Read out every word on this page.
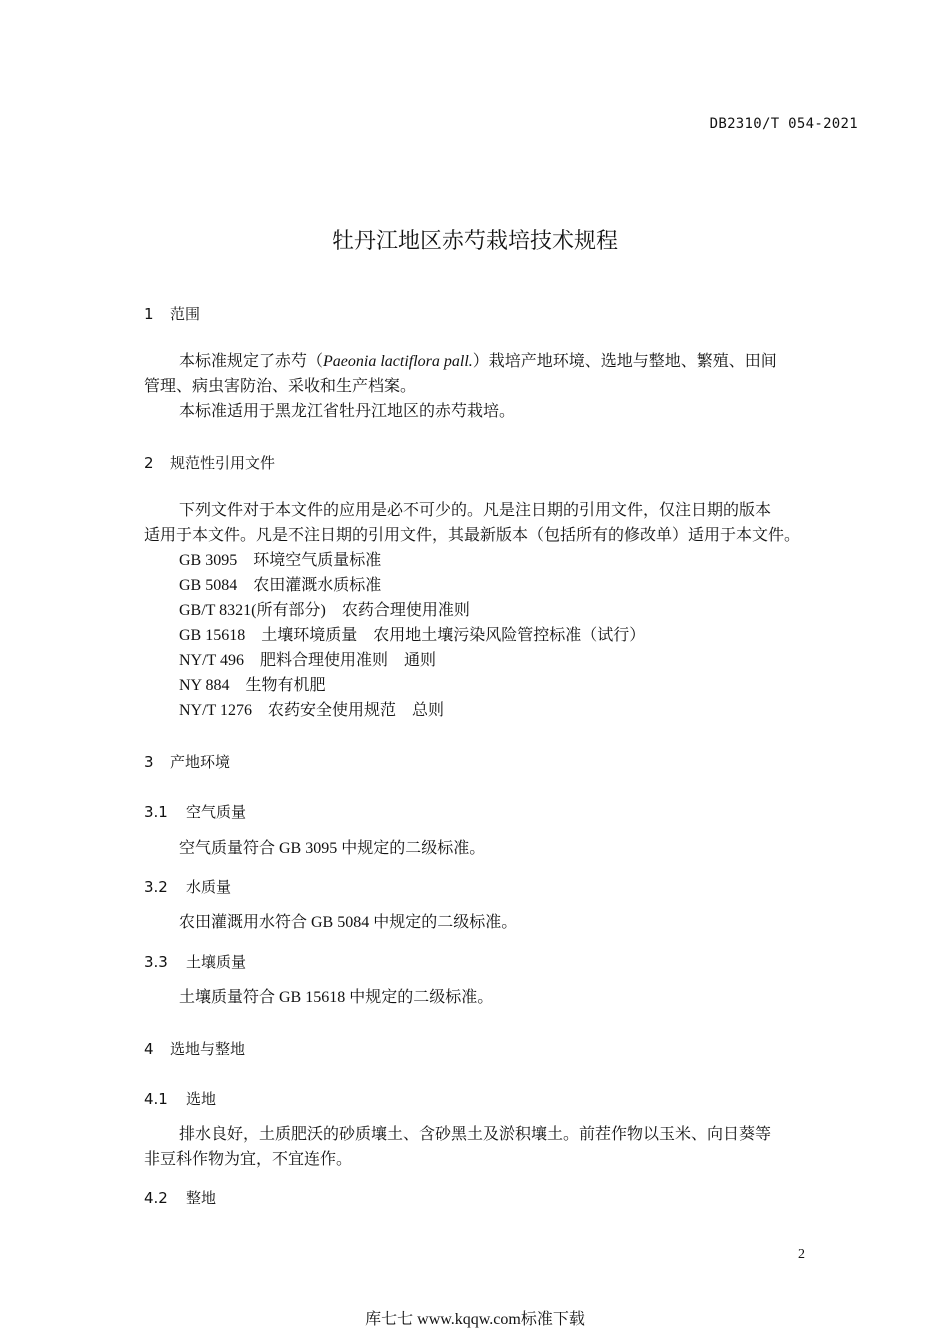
DB2310/T 054-2021
牡丹江地区赤芍栽培技术规程
1 范围
本标准规定了赤芍（Paeonia lactiflora pall.）栽培产地环境、选地与整地、繁殖、田间
管理、病虫害防治、采收和生产档案。
本标准适用于黑龙江省牡丹江地区的赤芍栽培。
2 规范性引用文件
下列文件对于本文件的应用是必不可少的。凡是注日期的引用文件，仅注日期的版本
适用于本文件。凡是不注日期的引用文件，其最新版本（包括所有的修改单）适用于本文件。
GB 3095　环境空气质量标准
GB 5084　农田灌溉水质标准
GB/T 8321(所有部分)　农药合理使用准则
GB 15618　土壤环境质量　农用地土壤污染风险管控标准（试行）
NY/T 496　肥料合理使用准则　通则
NY 884　生物有机肥
NY/T 1276　农药安全使用规范　总则
3 产地环境
3.1 空气质量
空气质量符合 GB 3095 中规定的二级标准。
3.2 水质量
农田灌溉用水符合 GB 5084 中规定的二级标准。
3.3 土壤质量
土壤质量符合 GB 15618 中规定的二级标准。
4 选地与整地
4.1 选地
排水良好，土质肥沃的砂质壤土、含砂黑土及淤积壤土。前茬作物以玉米、向日葵等
非豆科作物为宜，不宜连作。
4.2 整地
2
库七七 www.kqqw.com标准下载
